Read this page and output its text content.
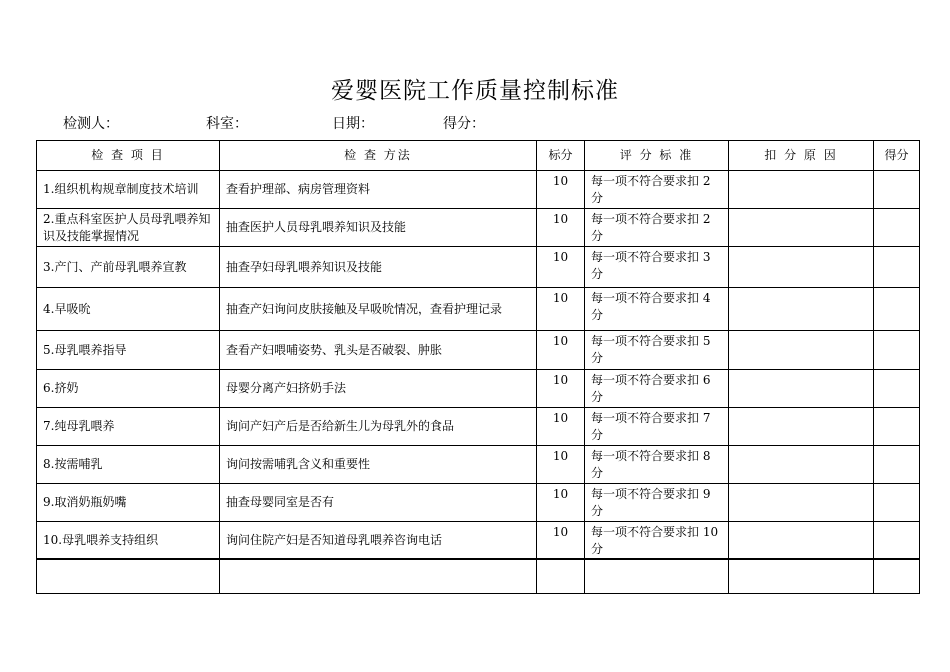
爱婴医院工作质量控制标准
检测人：	科室：	日期：	得分：
检 查 项 目	检 查 方法	标分	评 分 标 准	扣 分 原 因	得分
1.组织机构规章制度技术培训	查看护理部、病房管理资料	10	每一项不符合要求扣 2 分		
2.重点科室医护人员母乳喂养知识及技能掌握情况	抽查医护人员母乳喂养知识及技能	10	每一项不符合要求扣 2 分		
3.产门、产前母乳喂养宣教	抽查孕妇母乳喂养知识及技能	10	每一项不符合要求扣 3 分		
4.早吸吮	抽查产妇询问皮肤接触及早吸吮情况，查看护理记录	10	每一项不符合要求扣 4 分		
5.母乳喂养指导	查看产妇喂哺姿势、乳头是否破裂、肿胀	10	每一项不符合要求扣 5 分		
6.挤奶	母婴分离产妇挤奶手法	10	每一项不符合要求扣 6 分		
7.纯母乳喂养	询问产妇产后是否给新生儿为母乳外的食品	10	每一项不符合要求扣 7 分		
8.按需哺乳	询问按需哺乳含义和重要性	10	每一项不符合要求扣 8 分		
9.取消奶瓶奶嘴	抽查母婴同室是否有	10	每一项不符合要求扣 9 分		
10.母乳喂养支持组织	询问住院产妇是否知道母乳喂养咨询电话	10	每一项不符合要求扣 10 分		
